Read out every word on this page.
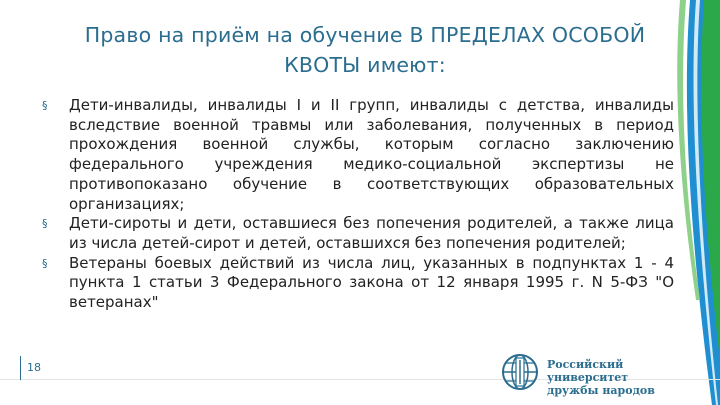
Право на приём на обучение В ПРЕДЕЛАХ ОСОБОЙ
КВОТЫ имеют:
§ Дети-инвалиды, инвалиды I и II групп, инвалиды с детства, инвалиды вследствие военной травмы или заболевания, полученных в период прохождения военной службы, которым согласно заключению федерального учреждения медико-социальной экспертизы не противопоказано обучение в соответствующих образовательных организациях;
§ Дети-сироты и дети, оставшиеся без попечения родителей, а также лица из числа детей-сирот и детей, оставшихся без попечения родителей;
§ Ветераны боевых действий из числа лиц, указанных в подпунктах 1 - 4 пункта 1 статьи 3 Федерального закона от 12 января 1995 г. N 5-ФЗ "О ветеранах"
18	Российский университет
дружбы народов
